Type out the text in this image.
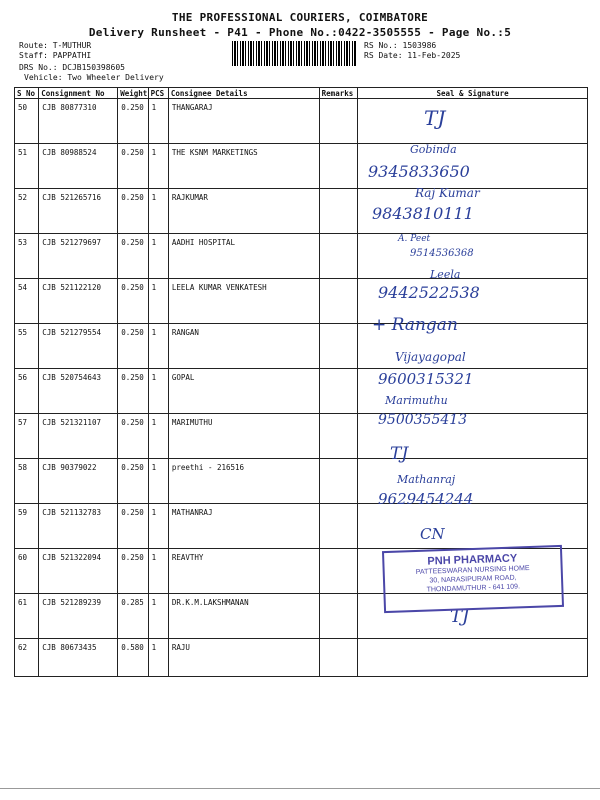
THE PROFESSIONAL COURIERS, COIMBATORE
Delivery Runsheet - P41 - Phone No.:0422-3505555 - Page No.:5
Route: T-MUTHUR
Staff: PAPPATHI
DRS No.: DCJB150398605
Vehicle: Two Wheeler Delivery
RS No.: 1503986
RS Date: 11-Feb-2025
S No	Consignment No	Weight	PCS	Consignee Details	Remarks	Seal & Signature
50	CJB 80877310	0.250	1	THANGARAJ		
51	CJB 80988524	0.250	1	THE KSNM MARKETINGS		
52	CJB 521265716	0.250	1	RAJKUMAR		
53	CJB 521279697	0.250	1	AADHI HOSPITAL		
54	CJB 521122120	0.250	1	LEELA KUMAR VENKATESH		
55	CJB 521279554	0.250	1	RANGAN		
56	CJB 520754643	0.250	1	GOPAL		
57	CJB 521321107	0.250	1	MARIMUTHU		
58	CJB 90379022	0.250	1	preethi - 216516		
59	CJB 521132783	0.250	1	MATHANRAJ		
60	CJB 521322094	0.250	1	REAVTHY		
61	CJB 521289239	0.285	1	DR.K.M.LAKSHMANAN		
62	CJB 80673435	0.580	1	RAJU		
TJ
Gobinda
9345833650
Raj Kumar
9843810111
A. Peet
9514536368
Leela
9442522538
+ Rangan
Vijayagopal
9600315321
Marimuthu
9500355413
TJ
Mathanraj
9629454244
CN
TJ
PNH PHARMACY
PATTEESWARAN NURSING HOME
30, NARASIPURAM ROAD,
THONDAMUTHUR - 641 109.
